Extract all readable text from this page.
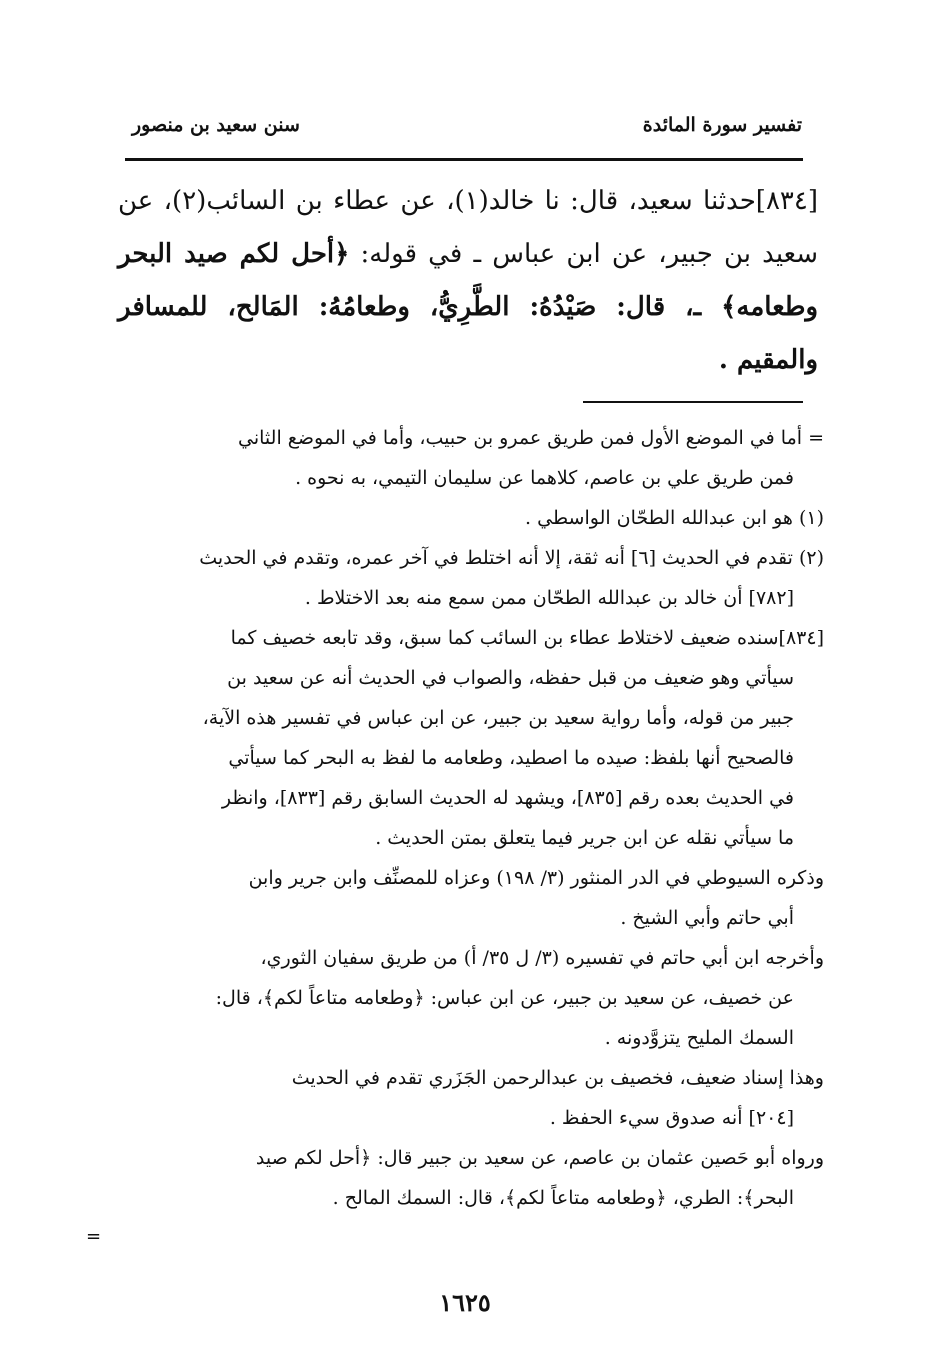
تفسير سورة المائدة
سنن سعيد بن منصور
[٨٣٤]حدثنا سعيد، قال: نا خالد(١)، عن عطاء بن السائب(٢)، عن سعيد بن جبير، عن ابن عباس ـ في قوله: ﴿أحل لكم صيد البحر وطعامه﴾ ـ، قال: صَيْدُهُ: الطَّرِيُّ، وطعامُهُ: المَالح، للمسافر والمقيم .

= أما في الموضع الأول فمن طريق عمرو بن حبيب، وأما في الموضع الثاني

فمن طريق علي بن عاصم، كلاهما عن سليمان التيمي، به نحوه .

(١) هو ابن عبدالله الطحّان الواسطي .

(٢) تقدم في الحديث [٦] أنه ثقة، إلا أنه اختلط في آخر عمره، وتقدم في الحديث

[٧٨٢] أن خالد بن عبدالله الطحّان ممن سمع منه بعد الاختلاط .

[٨٣٤]سنده ضعيف لاختلاط عطاء بن السائب كما سبق، وقد تابعه خصيف كما

سيأتي وهو ضعيف من قبل حفظه، والصواب في الحديث أنه عن سعيد بن

جبير من قوله، وأما رواية سعيد بن جبير، عن ابن عباس في تفسير هذه الآية،

فالصحيح أنها بلفظ: صيده ما اصطيد، وطعامه ما لفظ به البحر كما سيأتي

في الحديث بعده رقم [٨٣٥]، ويشهد له الحديث السابق رقم [٨٣٣]، وانظر

ما سيأتي نقله عن ابن جرير فيما يتعلق بمتن الحديث .

وذكره السيوطي في الدر المنثور (٣/ ١٩٨) وعزاه للمصنِّف وابن جرير وابن

أبي حاتم وأبي الشيخ .

وأخرجه ابن أبي حاتم في تفسيره (٣/ ل ٣٥/ أ) من طريق سفيان الثوري،

عن خصيف، عن سعيد بن جبير، عن ابن عباس: ﴿وطعامه متاعاً لكم﴾، قال:

السمك المليح يتزوَّدونه .

وهذا إسناد ضعيف، فخصيف بن عبدالرحمن الجَزَري تقدم في الحديث

[٢٠٤] أنه صدوق سيء الحفظ .

ورواه أبو حَصين عثمان بن عاصم، عن سعيد بن جبير قال: ﴿أحل لكم صيد

البحر﴾: الطري، ﴿وطعامه متاعاً لكم﴾، قال: السمك المالح .

=
١٦٢٥
